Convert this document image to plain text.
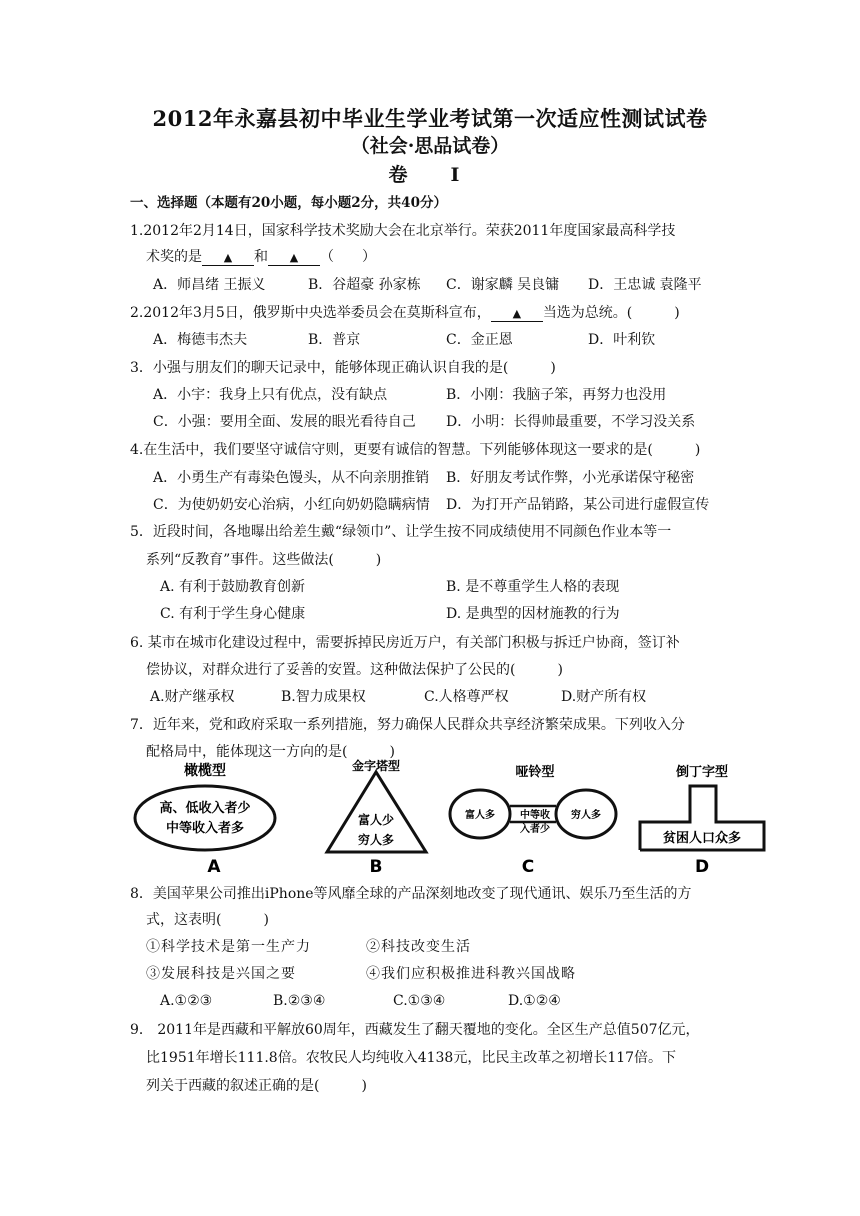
2012年永嘉县初中毕业生学业考试第一次适应性测试试卷
（社会·思品试卷）
卷　Ⅰ
一、选择题（本题有20小题，每小题2分，共40分）
1.2012年2月14日，国家科学技术奖励大会在北京举行。荣获2011年度国家最高科学技
术奖的是 ▲ 和 ▲ （　　）
A．师昌绪 王振义	B．谷超豪 孙家栋 C．谢家麟 吴良镛 D．王忠诚 袁隆平
2.2012年3月5日，俄罗斯中央选举委员会在莫斯科宣布， ▲ 当选为总统。(　　　)
A．梅德韦杰夫	B．普京	C．金正恩	D．叶利钦
3．小强与朋友们的聊天记录中，能够体现正确认识自我的是(　　　)
A．小宇：我身上只有优点，没有缺点	B．小刚：我脑子笨，再努力也没用
C．小强：要用全面、发展的眼光看待自己 D．小明：长得帅最重要，不学习没关系
4.在生活中，我们要坚守诚信守则，更要有诚信的智慧。下列能够体现这一要求的是(　　　)
A．小勇生产有毒染色馒头，从不向亲朋推销 B．好朋友考试作弊，小光承诺保守秘密
C．为使奶奶安心治病，小红向奶奶隐瞒病情 D．为打开产品销路，某公司进行虚假宣传
5．近段时间，各地曝出给差生戴“绿领巾”、让学生按不同成绩使用不同颜色作业本等一
系列“反教育”事件。这些做法(　　　)
A. 有利于鼓励教育创新	B. 是不尊重学生人格的表现
C. 有利于学生身心健康	D. 是典型的因材施教的行为
6. 某市在城市化建设过程中，需要拆掉民房近万户，有关部门积极与拆迁户协商，签订补
偿协议，对群众进行了妥善的安置。这种做法保护了公民的(　　　)
A.财产继承权	B.智力成果权	C.人格尊严权	D.财产所有权
7．近年来，党和政府采取一系列措施，努力确保人民群众共享经济繁荣成果。下列收入分
配格局中，能体现这一方向的是(　　　)
橄榄型
高、低收入者少
中等收入者多
A
金字塔型
富人少
穷人多
B
哑铃型
富人多	中等收
入者少
穷人多
C
倒丁字型
贫困人口众多
D
8．美国苹果公司推出iPhone等风靡全球的产品深刻地改变了现代通讯、娱乐乃至生活的方
式，这表明(　　　)
①科学技术是第一生产力	②科技改变生活
③发展科技是兴国之要	④我们应积极推进科教兴国战略
A.①②③	B.②③④	C.①③④	D.①②④
9． 2011年是西藏和平解放60周年，西藏发生了翻天覆地的变化。全区生产总值507亿元，
比1951年增长111.8倍。农牧民人均纯收入4138元，比民主改革之初增长117倍。下
列关于西藏的叙述正确的是(　　　)
